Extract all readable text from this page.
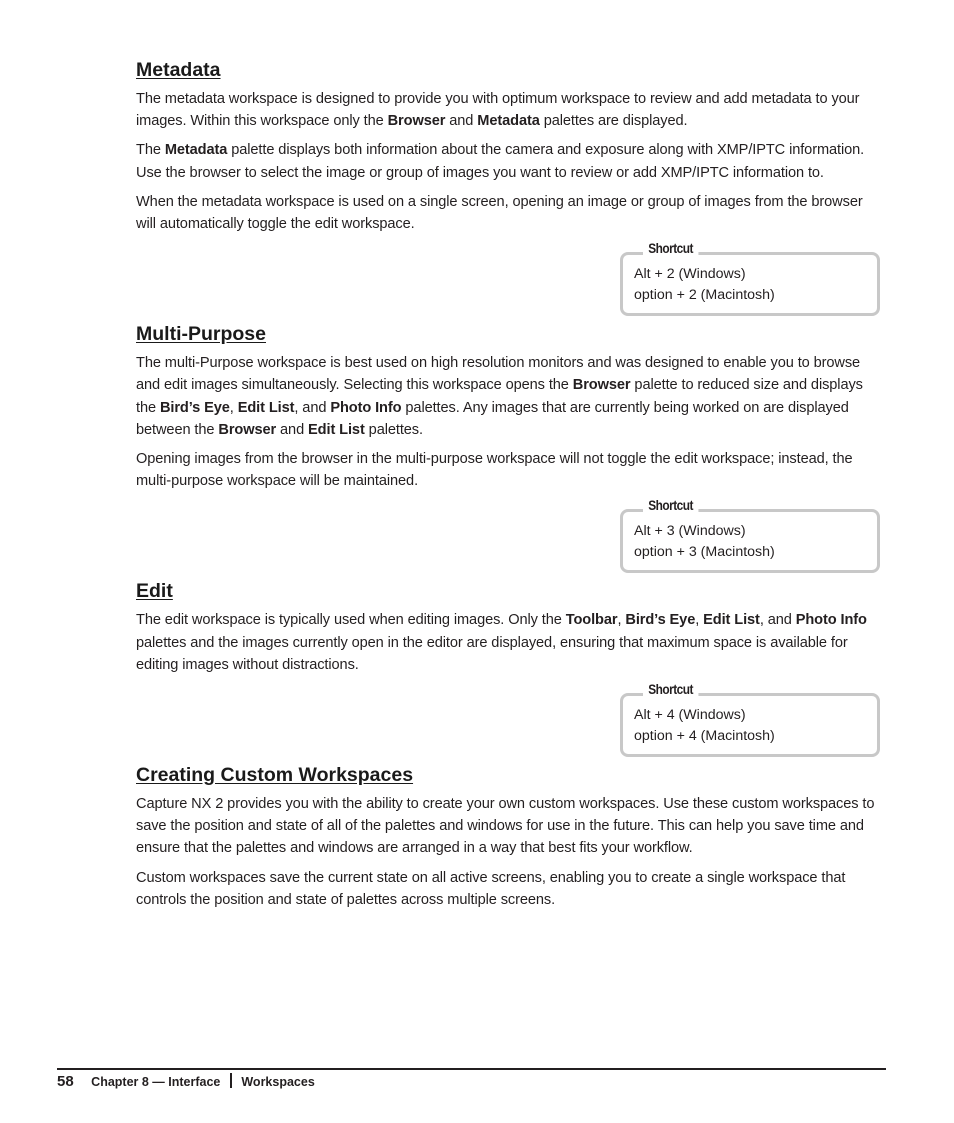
Metadata

The metadata workspace is designed to provide you with optimum workspace to review and add metadata to your images. Within this workspace only the Browser and Metadata palettes are displayed.

The Metadata palette displays both information about the camera and exposure along with XMP/IPTC information. Use the browser to select the image or group of images you want to review or add XMP/IPTC information to.

When the metadata workspace is used on a single screen, opening an image or group of images from the browser will automatically toggle the edit workspace.

Shortcut
Alt + 2 (Windows)
option + 2 (Macintosh)
Multi-Purpose

The multi-Purpose workspace is best used on high resolution monitors and was designed to enable you to browse and edit images simultaneously. Selecting this workspace opens the Browser palette to reduced size and displays the Bird’s Eye, Edit List, and Photo Info palettes. Any images that are currently being worked on are displayed between the Browser and Edit List palettes.

Opening images from the browser in the multi-purpose workspace will not toggle the edit workspace; instead, the multi-purpose workspace will be maintained.

Shortcut
Alt + 3 (Windows)
option + 3 (Macintosh)
Edit

The edit workspace is typically used when editing images. Only the Toolbar, Bird’s Eye, Edit List, and Photo Info palettes and the images currently open in the editor are displayed, ensuring that maximum space is available for editing images without distractions.

Shortcut
Alt + 4 (Windows)
option + 4 (Macintosh)
Creating Custom Workspaces

Capture NX 2 provides you with the ability to create your own custom workspaces. Use these custom workspaces to save the position and state of all of the palettes and windows for use in the future. This can help you save time and ensure that the palettes and windows are arranged in a way that best fits your workflow.

Custom workspaces save the current state on all active screens, enabling you to create a single workspace that controls the position and state of palettes across multiple screens.

58 Chapter 8 — Interface Workspaces
